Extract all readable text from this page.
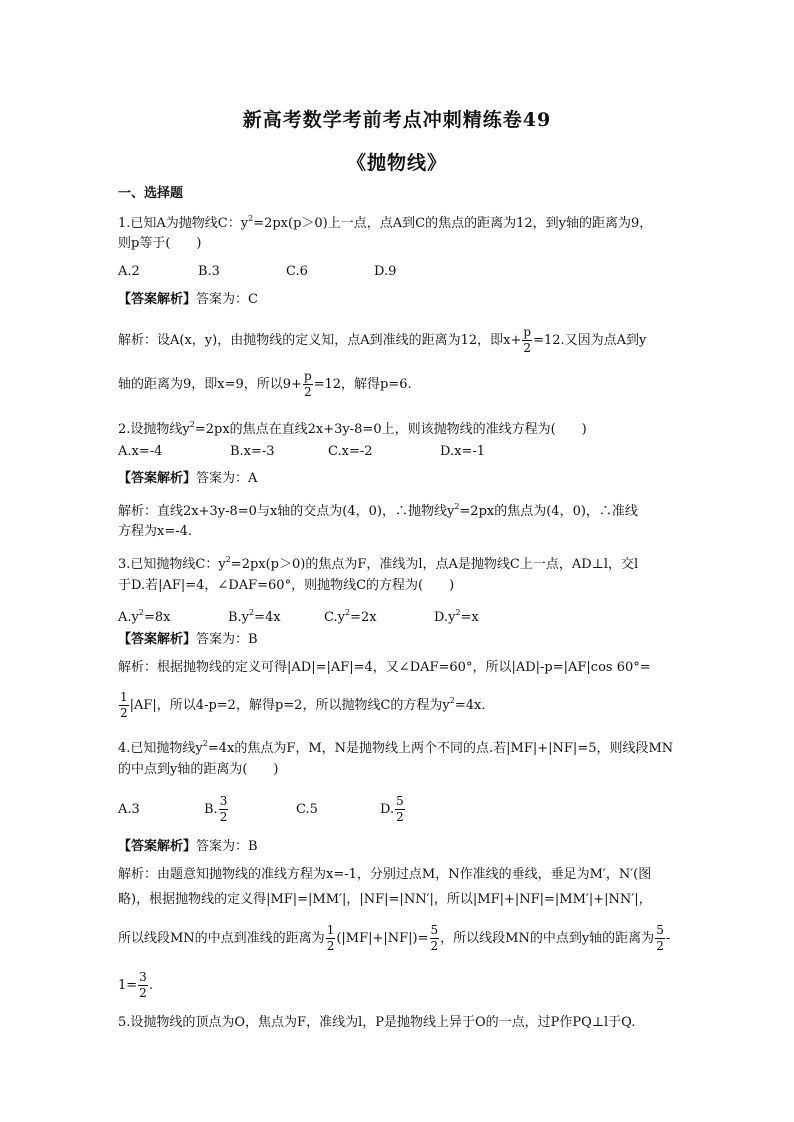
新高考数学考前考点冲刺精练卷49
《抛物线》
一、选择题
1.已知A为抛物线C：$y^2=2px(p>0)$上一点，点A到C的焦点的距离为12，到y轴的距离为9，
则p等于(　　)
A.2	B.3	C.6	D.9
【答案解析】答案为：C
解析：设A(x，y)，由抛物线的定义知，点A到准线的距离为12，即$x+ \frac{p}{2} =12$.又因为点A到y
轴的距离为9，即x=9，所以$9+ \frac{p}{2} =12$，解得p=6.
2.设抛物线$y^2=2px$的焦点在直线2x+3y-8=0上，则该抛物线的准线方程为(　　)
A.x=-4	B.x=-3	C.x=-2	D.x=-1
【答案解析】答案为：A
解析：直线2x+3y-8=0与x轴的交点为(4，0)，∴抛物线$y^2=2px$的焦点为(4，0)，∴准线
方程为x=-4.
3.已知抛物线C：$y^2=2px(p>0)$的焦点为F，准线为l，点A是抛物线C上一点，AD⊥l，交l
于D.若|AF|=4，∠DAF=60°，则抛物线C的方程为(　　)
$A.y^2=8x$	$B.y^2=4x$	$C.y^2=2x$	$D.y^2=x$
【答案解析】答案为：B
解析：根据抛物线的定义可得|AD|=|AF|=4，又∠DAF=60°，所以|AD|-p=|AF|cos 60°=
$\frac{1}{2} |AF|$，所以4-p=2，解得p=2，所以抛物线C的方程为$y^2=4x$.
4.已知抛物线$y^2=4x$的焦点为F，M，N是抛物线上两个不同的点.若|MF|+|NF|=5，则线段MN
的中点到y轴的距离为(　　)
A.3	B. $\frac{3}{2}$	C.5	D. $\frac{5}{2}$
【答案解析】答案为：B
解析：由题意知抛物线的准线方程为x=-1，分别过点M，N作准线的垂线，垂足为M′，N′(图
略)，根据抛物线的定义得|MF|=|MM′|，|NF|=|NN′|，所以|MF|+|NF|=|MM′|+|NN′|，
所以线段MN的中点到准线的距离为 $\frac{1}{2} (|MF|+|NF|)= \frac{5}{2}$ ，所以线段MN的中点到y轴的距离为 $\frac{5}{2}$ -
$1= \frac{3}{2}$ .
5.设抛物线的顶点为O，焦点为F，准线为l，P是抛物线上异于O的一点，过P作PQ⊥l于Q.
